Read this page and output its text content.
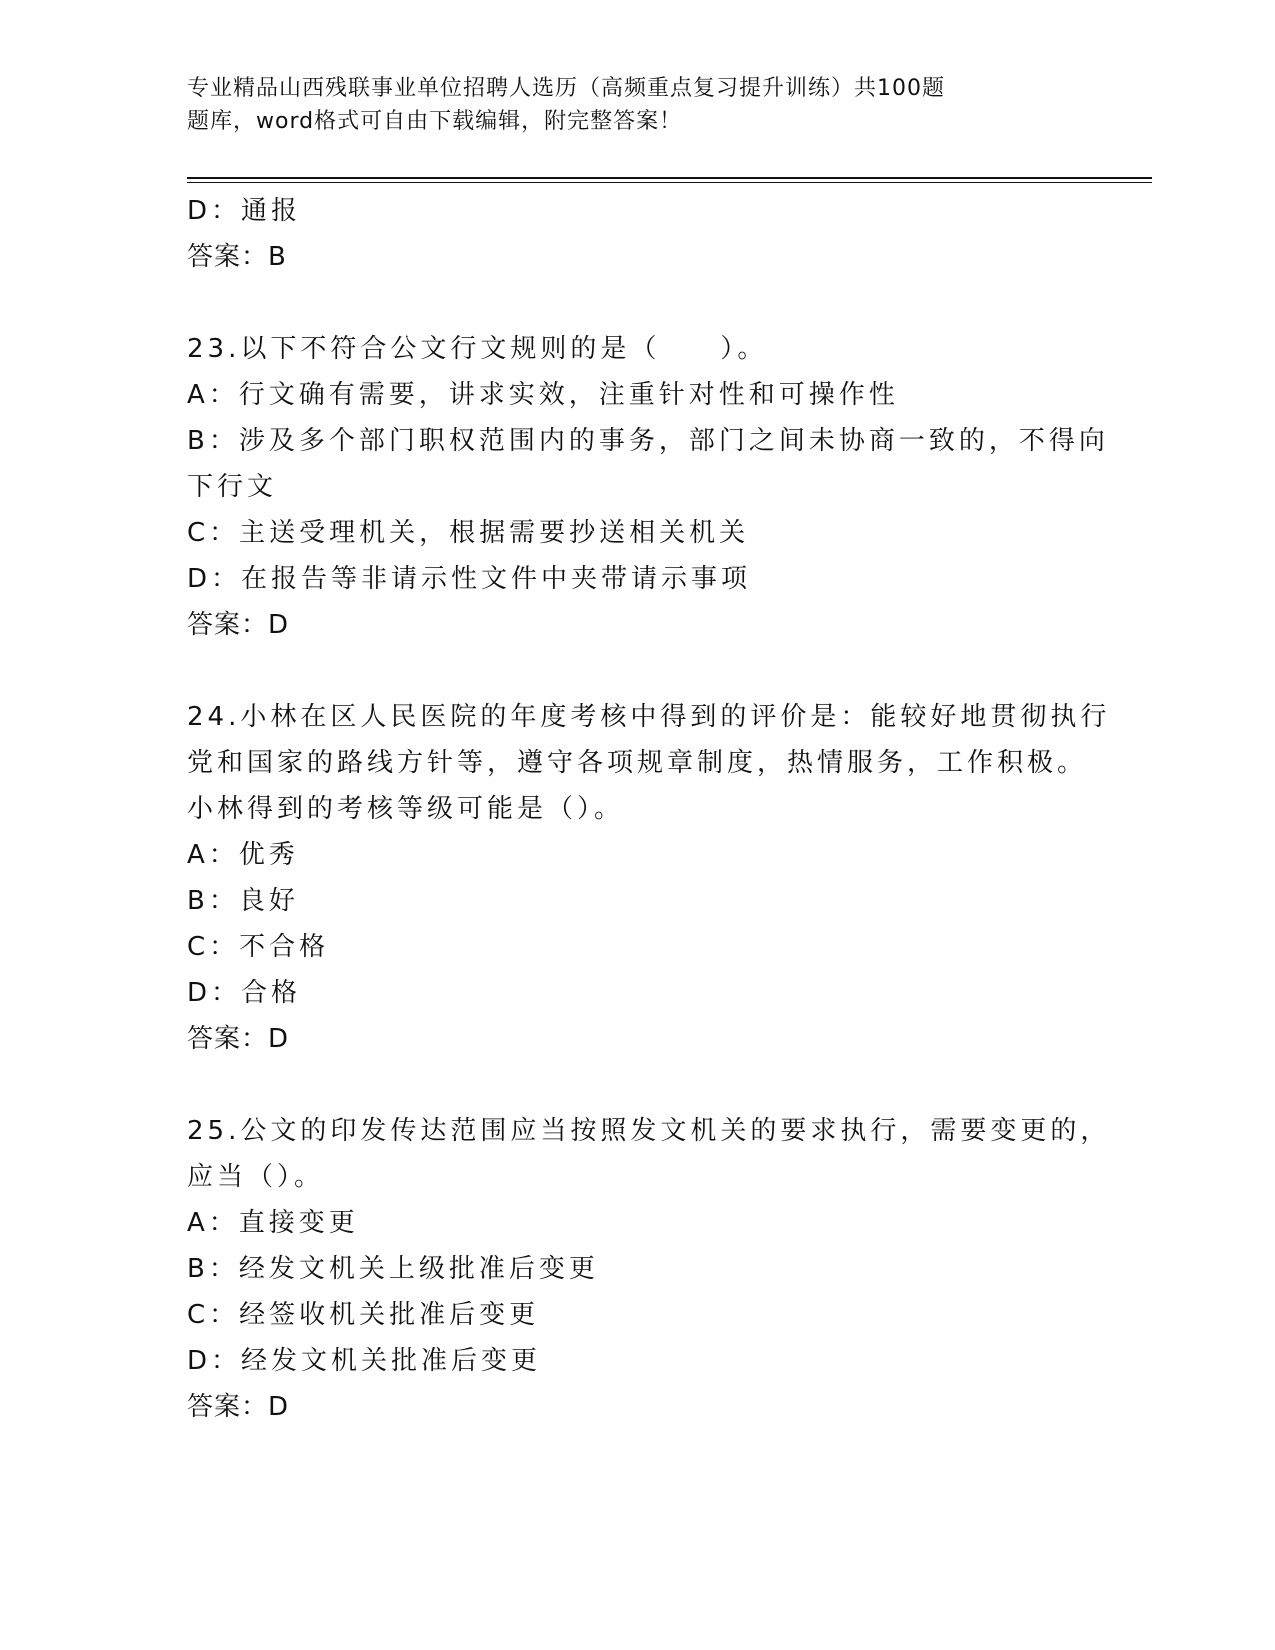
专业精品山西残联事业单位招聘人选历（高频重点复习提升训练）共100题
题库，word格式可自由下载编辑，附完整答案！
D：通报
答案：B
23.以下不符合公文行文规则的是（　　）。
A：行文确有需要，讲求实效，注重针对性和可操作性
B：涉及多个部门职权范围内的事务，部门之间未协商一致的，不得向
下行文
C：主送受理机关，根据需要抄送相关机关
D：在报告等非请示性文件中夹带请示事项
答案：D
24.小林在区人民医院的年度考核中得到的评价是：能较好地贯彻执行
党和国家的路线方针等，遵守各项规章制度，热情服务，工作积极。
小林得到的考核等级可能是（）。
A：优秀
B：良好
C：不合格
D：合格
答案：D
25.公文的印发传达范围应当按照发文机关的要求执行，需要变更的，
应当（）。
A：直接变更
B：经发文机关上级批准后变更
C：经签收机关批准后变更
D：经发文机关批准后变更
答案：D
